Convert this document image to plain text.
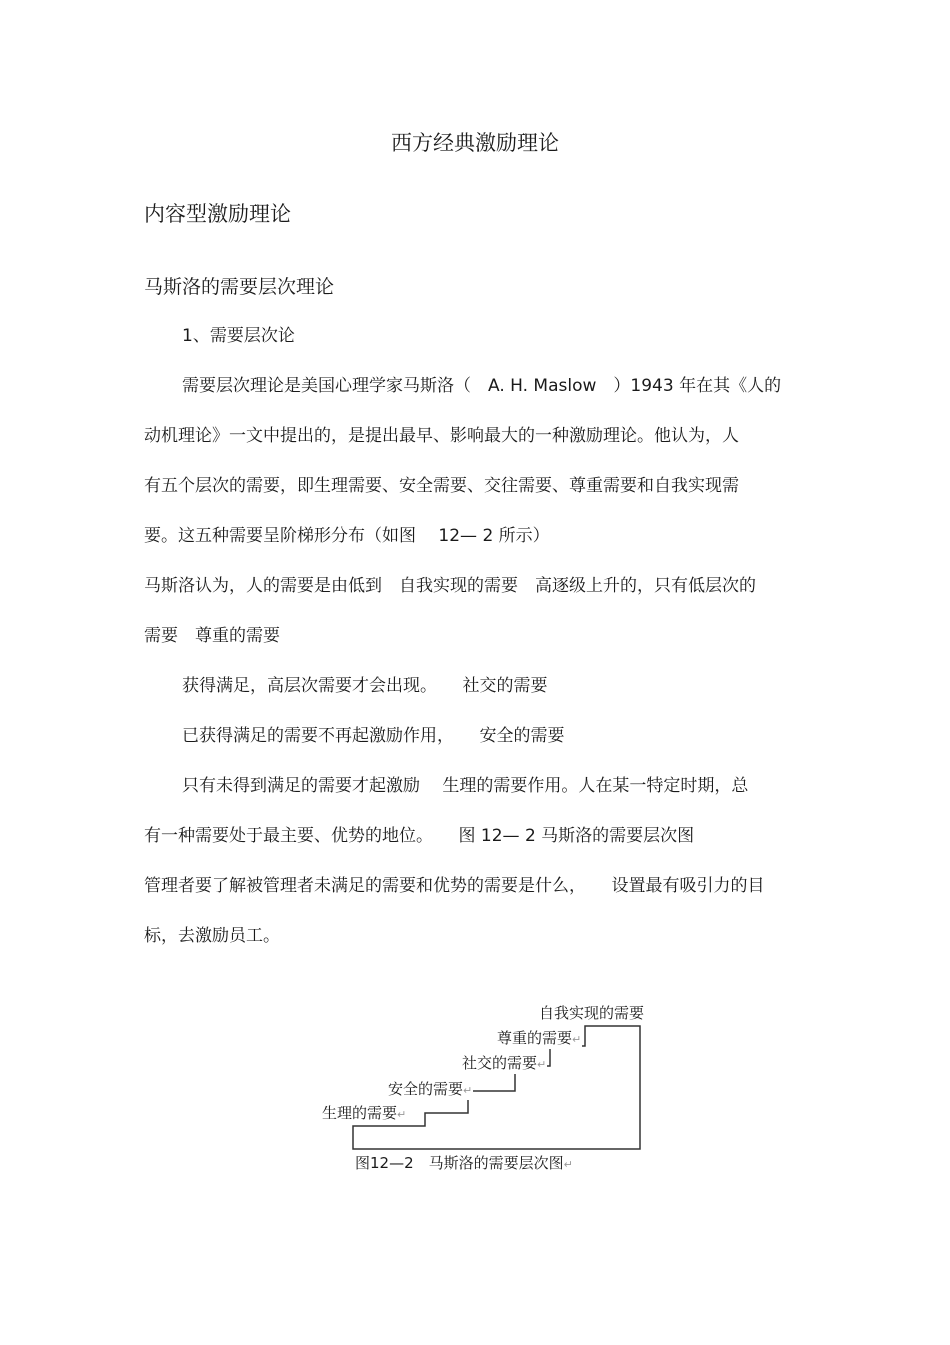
西方经典激励理论
内容型激励理论
马斯洛的需要层次理论
1、需要层次论
需要层次理论是美国心理学家马斯洛（　A. H. Maslow　）1943 年在其《人的
动机理论》一文中提出的，是提出最早、影响最大的一种激励理论。他认为，人
有五个层次的需要，即生理需要、安全需要、交往需要、尊重需要和自我实现需
要。这五种需要呈阶梯形分布（如图　 12— 2 所示）
马斯洛认为，人的需要是由低到　自我实现的需要　高逐级上升的，只有低层次的
需要　尊重的需要
获得满足，高层次需要才会出现。　　社交的需要
已获得满足的需要不再起激励作用，　　安全的需要
只有未得到满足的需要才起激励　 生理的需要作用。人在某一特定时期，总
有一种需要处于最主要、优势的地位。　　图 12— 2 马斯洛的需要层次图
管理者要了解被管理者未满足的需要和优势的需要是什么，　　设置最有吸引力的目
标，去激励员工。
生理的需要↵
安全的需要↵
社交的需要↵
尊重的需要↵
自我实现的需要
图12—2　马斯洛的需要层次图↵
